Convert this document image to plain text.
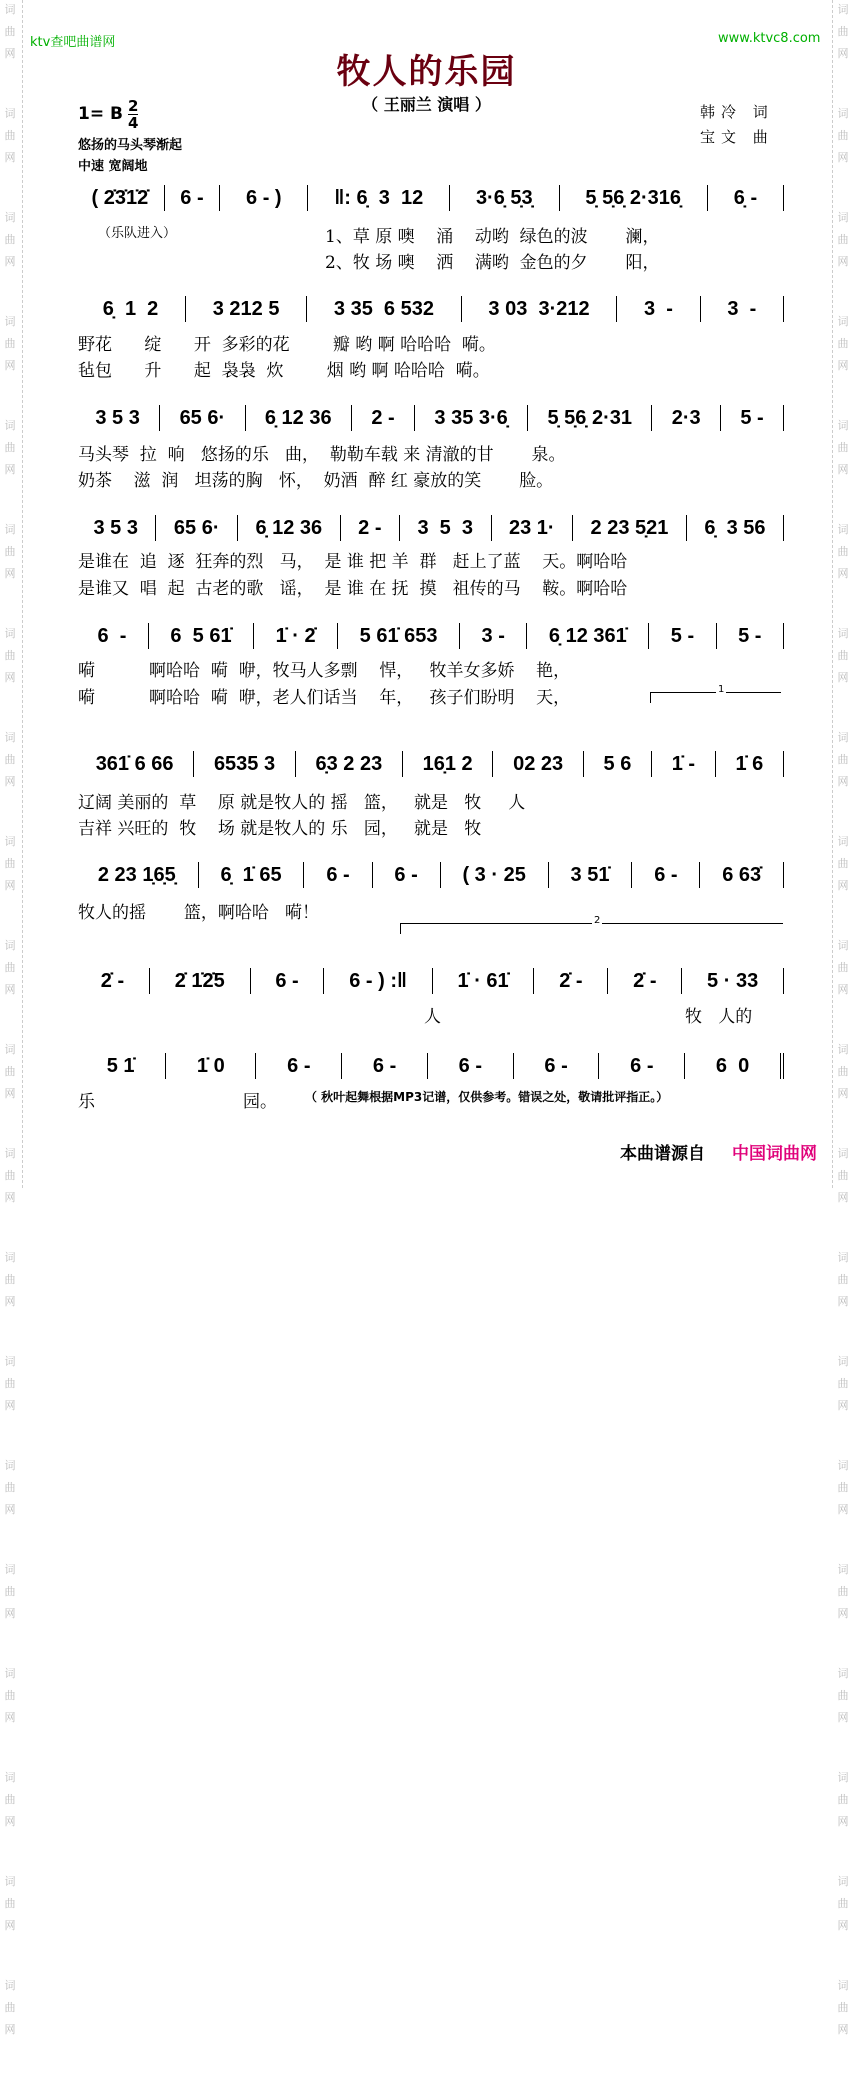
词
曲
网
词
曲
网
词
曲
网
词
曲
网
词
曲
网
词
曲
网
词
曲
网
词
曲
网
词
曲
网
词
曲
网
词
曲
网
词
曲
网
词
曲
网
词
曲
网
词
曲
网
词
曲
网
词
曲
网
词
曲
网
词
曲
网
词
曲
网
词
曲
网
词
曲
网
词
曲
网
词
曲
网
词
曲
网
词
曲
网
词
曲
网
词
曲
网
词
曲
网
词
曲
网
词
曲
网
词
曲
网
词
曲
网
词
曲
网
词
曲
网
词
曲
网
词
曲
网
词
曲
网
词
曲
网
词
曲
网
ktv查吧曲谱网	www.ktvc8.com
牧人的乐园
（ 王丽兰 演唱 ）
1= B $\frac{2}{4}$
悠扬的马头琴渐起
中速 宽阔地
韩冷 词
宝文 曲
（乐队进入）
( 2̇3̇1̇2̇	6 -	6 - )	‖: 6̣  3  12	3·6̣ 5̣3̣	5̣ 5̣6̣ 2·316̣	6̣ -
1、草 原 噢    涌    动哟  绿色的波       澜，
2、牧 场 噢    洒    满哟  金色的夕       阳，
6̣  1  2	3 212 5	3 35  6 532	3 03  3·212	3  -	3  -
野花      绽      开  多彩的花        瓣 哟 啊 哈哈哈  嗬。
毡包      升      起  袅袅  炊        烟 哟 啊 哈哈哈  嗬。
3 5 3	65 6·	6̣ 12 36	2 -	3 35 3·6̣	5̣ 5̣6̣ 2·31	2·3	5 -
马头琴  拉  响   悠扬的乐   曲，  勒勒车载 来 清澈的甘       泉。
奶茶    滋  润   坦荡的胸   怀，  奶酒  醉 红 豪放的笑       脸。
3 5 3	65 6·	6̣ 12 36	2 -	3  5  3	23 1·	2 23 5̣21	6̣  3 56
是谁在  追  逐  狂奔的烈   马，  是 谁 把 羊  群   赶上了蓝    天。啊哈哈
是谁又  唱  起  古老的歌   谣，  是 谁 在 抚  摸   祖传的马    鞍。啊哈哈
6  -	6  5 61̇	1̇ · 2̇	5 61̇ 653	3 -	6̣ 12 361̇	5 -	5 -
嗬          啊哈哈  嗬  咿，牧马人多剽    悍，   牧羊女多娇    艳，
嗬          啊哈哈  嗬  咿，老人们话当    年，   孩子们盼明    天，
361̇ 6 66	6535 3	6̣3 2 23	16̣1 2	02 23	5 6	1̇ -	1̇ 6
辽阔 美丽的  草    原 就是牧人的 摇   篮，   就是   牧     人
吉祥 兴旺的  牧    场 就是牧人的 乐   园，   就是   牧
1
2 23 1̣6̣5̣	6̣  1̇ 65	6 -	6 -	( 3 · 25	3 51̇	6 -	6 63̇
牧人的摇       篮，啊哈哈   嗬！
2̇ -	2̇ 1̇2̇5	6 -	6 - ) :‖	1̇ · 61̇	2̇ -	2̇ -	5 · 33
人	牧   人的
2
5 1̇	1̇ 0	6 -	6 -	6 -	6 -	6 -	6  0
乐	园。 （ 秋叶起舞根据MP3记谱，仅供参考。错误之处，敬请批评指正。）
本曲谱源自 中国词曲网
